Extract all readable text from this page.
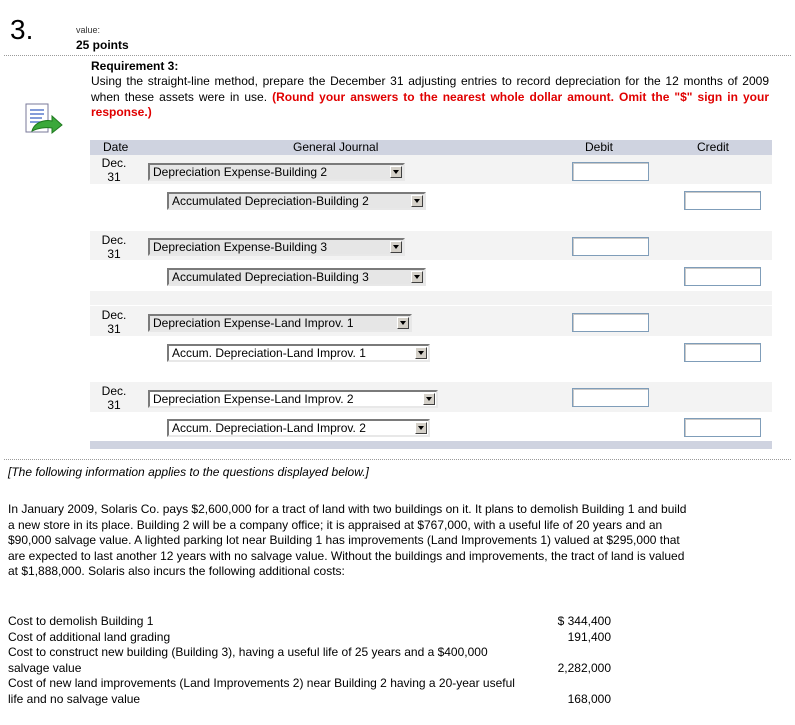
3.	value:
25 points
Requirement 3:
Using the straight-line method, prepare the December 31 adjusting entries to record depreciation for the 12 months of 2009 when these assets were in use. (Round your answers to the nearest whole dollar amount. Omit the "$" sign in your response.)
Date	General Journal	Debit	Credit
Dec.
31	Depreciation Expense-Building 2
Accumulated Depreciation-Building 2
Dec.
31	Depreciation Expense-Building 3
Accumulated Depreciation-Building 3
Dec.
31	Depreciation Expense-Land Improv. 1
Accum. Depreciation-Land Improv. 1
Dec.
31	Depreciation Expense-Land Improv. 2
Accum. Depreciation-Land Improv. 2
[The following information applies to the questions displayed below.]
In January 2009, Solaris Co. pays $2,600,000 for a tract of land with two buildings on it. It plans to demolish Building 1 and build a new store in its place. Building 2 will be a company office; it is appraised at $767,000, with a useful life of 20 years and an $90,000 salvage value. A lighted parking lot near Building 1 has improvements (Land Improvements 1) valued at $295,000 that are expected to last another 12 years with no salvage value. Without the buildings and improvements, the tract of land is valued at $1,888,000. Solaris also incurs the following additional costs:
Cost to demolish Building 1	$ 344,400
Cost of additional land grading	191,400
Cost to construct new building (Building 3), having a useful life of 25 years and a $400,000 salvage value	2,282,000
Cost of new land improvements (Land Improvements 2) near Building 2 having a 20-year useful life and no salvage value	168,000
